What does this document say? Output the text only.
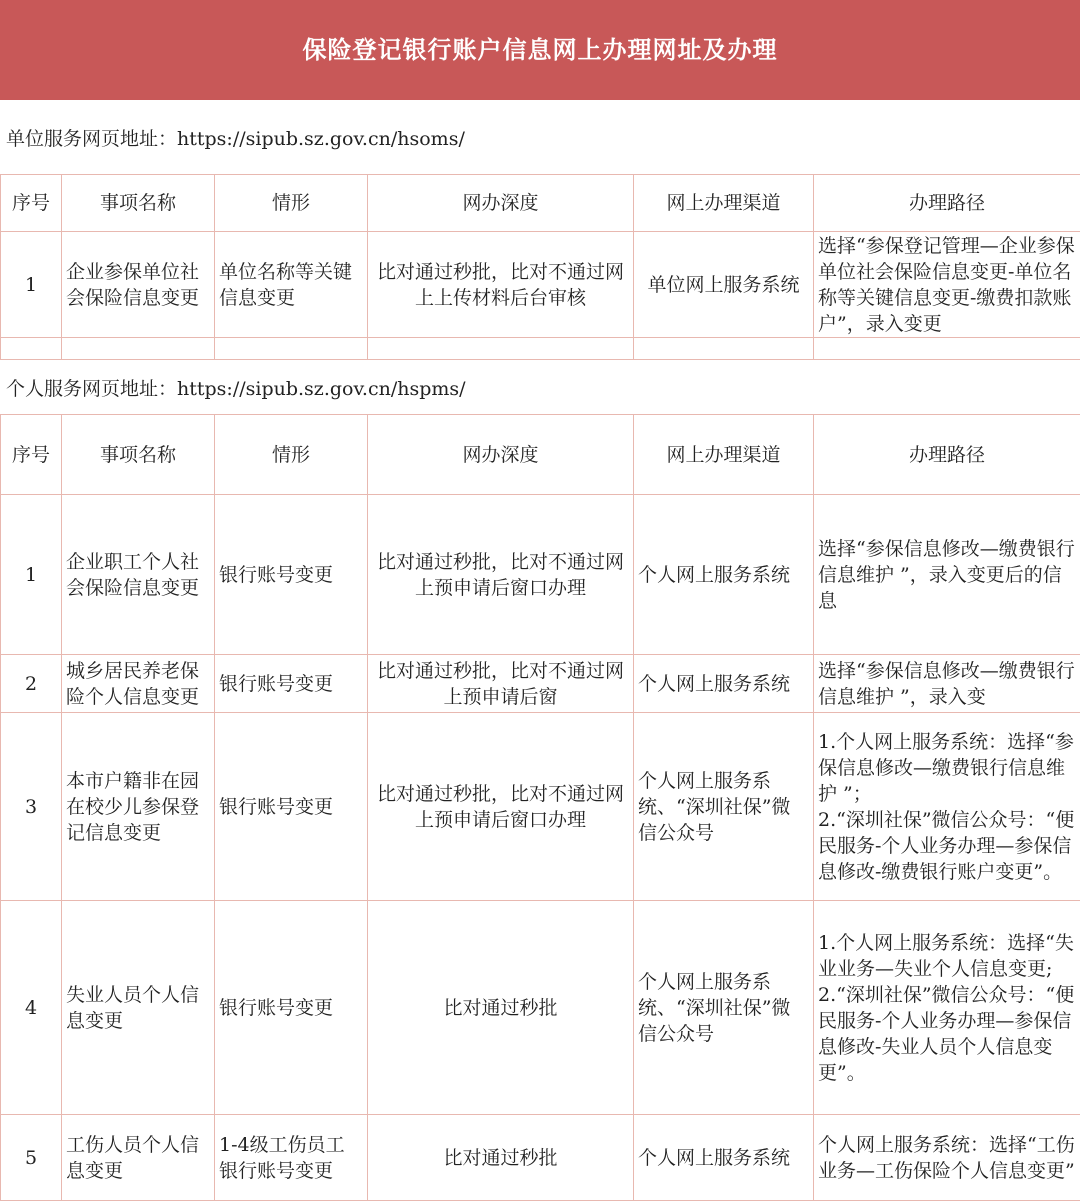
保险登记银行账户信息网上办理网址及办理
单位服务网页地址：https://sipub.sz.gov.cn/hsoms/
序号	事项名称	情形	网办深度	网上办理渠道	办理路径
1	企业参保单位社会保险信息变更	单位名称等关键信息变更	比对通过秒批，比对不通过网上上传材料后台审核	单位网上服务系统	选择“参保登记管理—企业参保单位社会保险信息变更-单位名称等关键信息变更-缴费扣款账户”，录入变更

个人服务网页地址：https://sipub.sz.gov.cn/hspms/
序号	事项名称	情形	网办深度	网上办理渠道	办理路径
1	企业职工个人社会保险信息变更	银行账号变更	比对通过秒批，比对不通过网上预申请后窗口办理	个人网上服务系统	选择“参保信息修改—缴费银行信息维护 ”，录入变更后的信息
2	城乡居民养老保险个人信息变更	银行账号变更	比对通过秒批，比对不通过网上预申请后窗	个人网上服务系统	选择“参保信息修改—缴费银行信息维护 ”，录入变
3	本市户籍非在园在校少儿参保登记信息变更	银行账号变更	比对通过秒批，比对不通过网上预申请后窗口办理	个人网上服务系统、“深圳社保”微信公众号	1.个人网上服务系统：选择“参保信息修改—缴费银行信息维护 ”；
2.“深圳社保”微信公众号：“便民服务-个人业务办理—参保信息修改-缴费银行账户变更”。

4	失业人员个人信息变更	银行账号变更	比对通过秒批	个人网上服务系统、“深圳社保”微信公众号	1.个人网上服务系统：选择“失业业务—失业个人信息变更;
2.“深圳社保”微信公众号：“便民服务-个人业务办理—参保信息修改-失业人员个人信息变更”。

5	工伤人员个人信息变更	1-4级工伤员工银行账号变更	比对通过秒批	个人网上服务系统	个人网上服务系统：选择“工伤业务—工伤保险个人信息变更”
